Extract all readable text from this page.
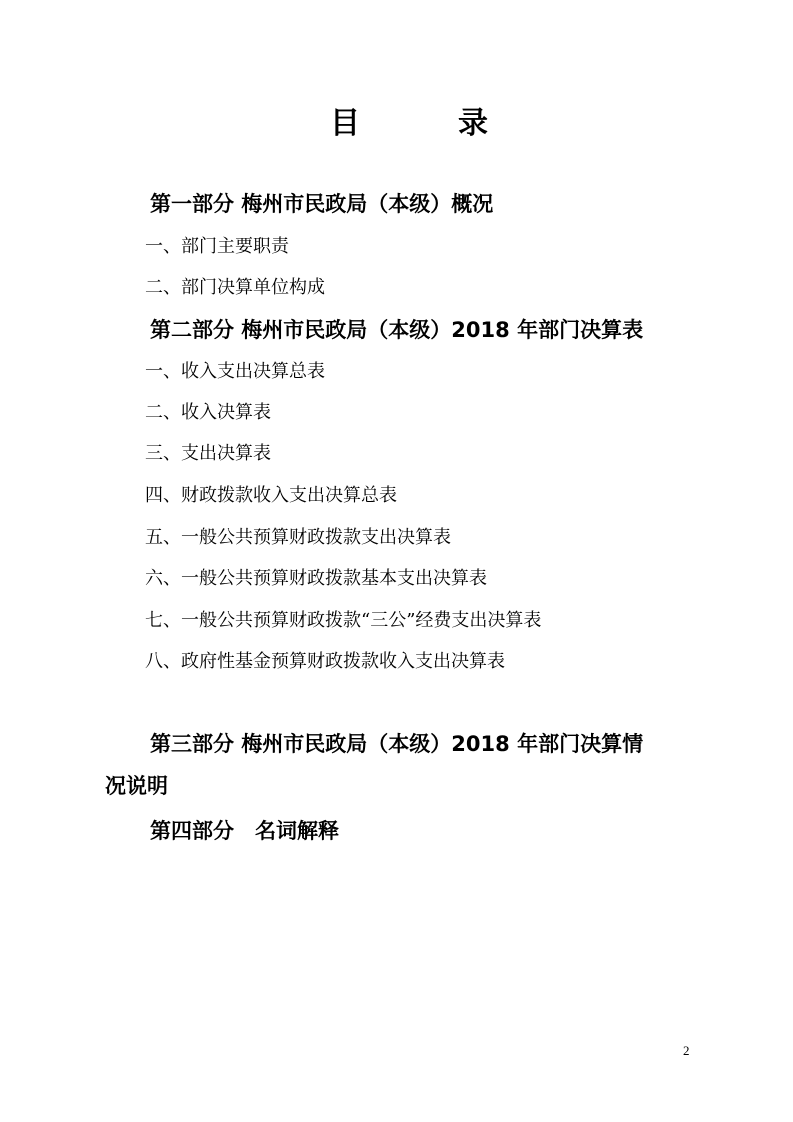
目	录
第一部分 梅州市民政局（本级）概况
一、部门主要职责
二、部门决算单位构成
第二部分 梅州市民政局（本级）2018 年部门决算表
一、收入支出决算总表
二、收入决算表
三、支出决算表
四、财政拨款收入支出决算总表
五、一般公共预算财政拨款支出决算表
六、一般公共预算财政拨款基本支出决算表
七、一般公共预算财政拨款“三公”经费支出决算表
八、政府性基金预算财政拨款收入支出决算表
第三部分 梅州市民政局（本级）2018 年部门决算情
况说明
第四部分　名词解释
2
